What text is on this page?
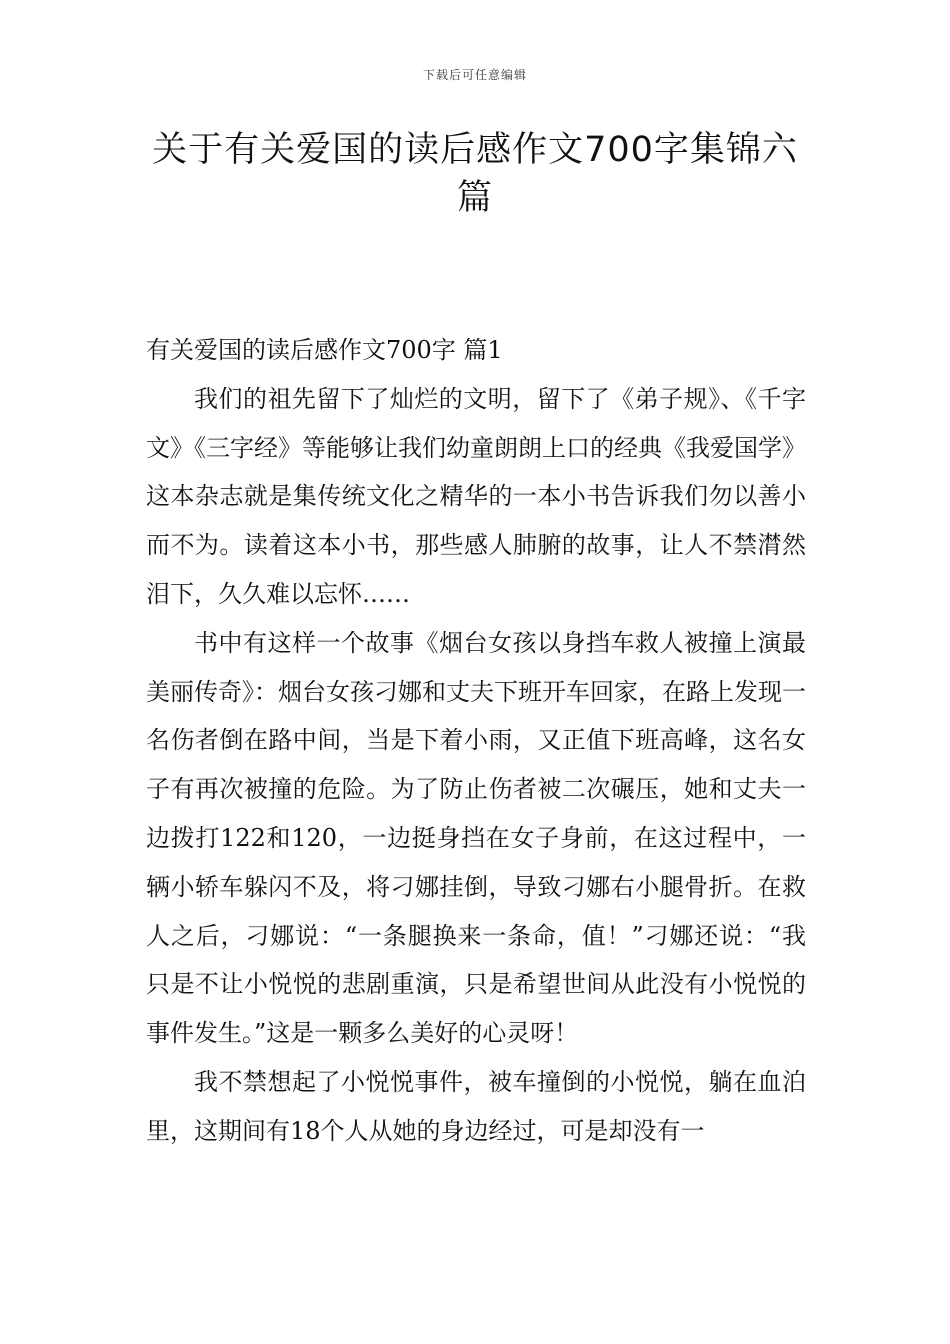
下载后可任意编辑
关于有关爱国的读后感作文700字集锦六篇

有关爱国的读后感作文700字 篇1

我们的祖先留下了灿烂的文明，留下了《弟子规》、《千字文》《三字经》等能够让我们幼童朗朗上口的经典《我爱国学》这本杂志就是集传统文化之精华的一本小书告诉我们勿以善小而不为。读着这本小书，那些感人肺腑的故事，让人不禁潸然泪下，久久难以忘怀……

书中有这样一个故事《烟台女孩以身挡车救人被撞上演最美丽传奇》：烟台女孩刁娜和丈夫下班开车回家，在路上发现一名伤者倒在路中间，当是下着小雨，又正值下班高峰，这名女子有再次被撞的危险。为了防止伤者被二次碾压，她和丈夫一边拨打122和120，一边挺身挡在女子身前，在这过程中，一辆小轿车躲闪不及，将刁娜挂倒，导致刁娜右小腿骨折。在救人之后，刁娜说：“一条腿换来一条命，值！”刁娜还说：“我只是不让小悦悦的悲剧重演，只是希望世间从此没有小悦悦的事件发生。”这是一颗多么美好的心灵呀！

我不禁想起了小悦悦事件，被车撞倒的小悦悦，躺在血泊里，这期间有18个人从她的身边经过，可是却没有一
